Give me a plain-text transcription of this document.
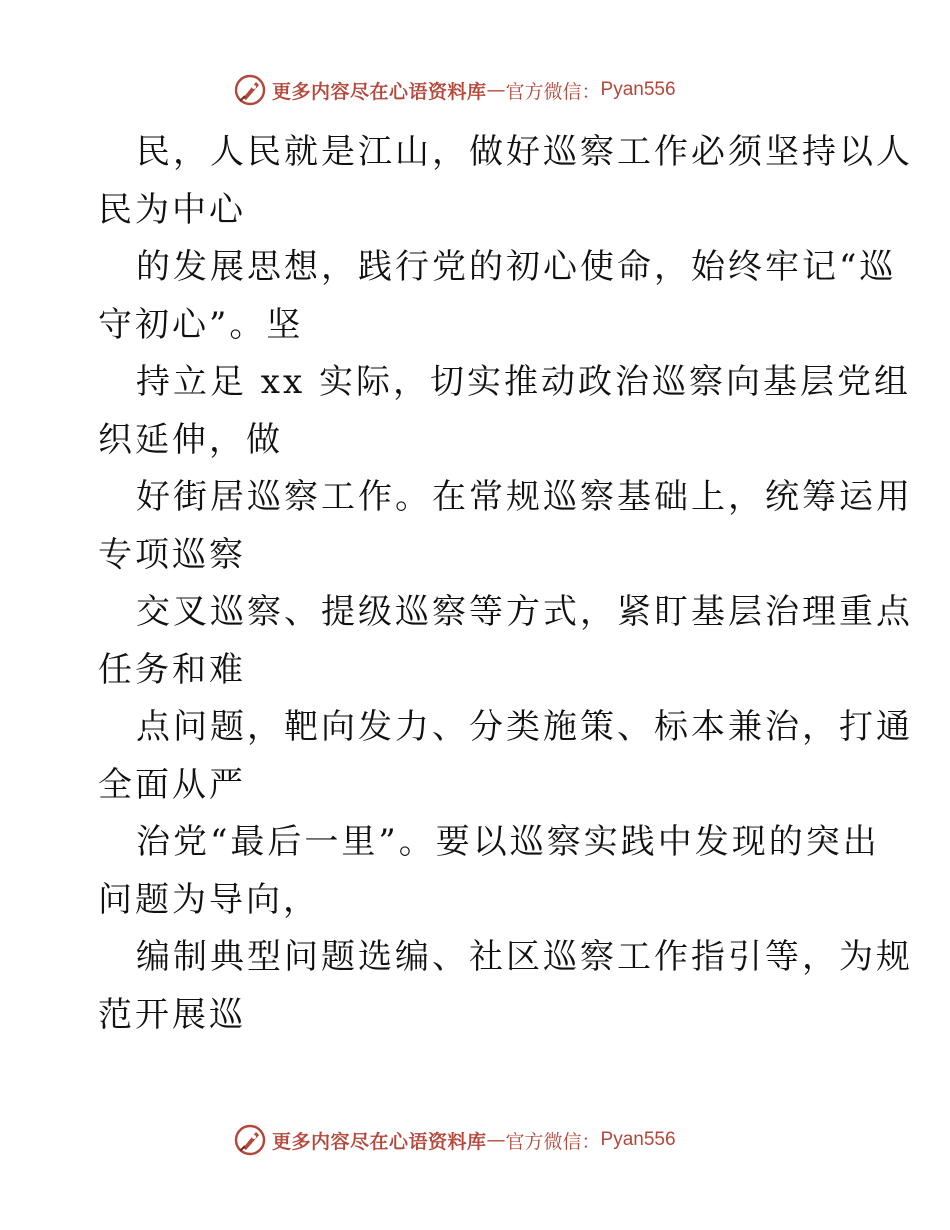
更多内容尽在心语资料库 — 官方微信： Pyan556
民，人民就是江山，做好巡察工作必须坚持以人
民为中心
的发展思想，践行党的初心使命，始终牢记“巡
守初心”。坚
持立足 xx 实际，切实推动政治巡察向基层党组
织延伸，做
好街居巡察工作。在常规巡察基础上，统筹运用
专项巡察
交叉巡察、提级巡察等方式，紧盯基层治理重点
任务和难
点问题，靶向发力、分类施策、标本兼治，打通
全面从严
治党“最后一里”。要以巡察实践中发现的突出
问题为导向，
编制典型问题选编、社区巡察工作指引等，为规
范开展巡
更多内容尽在心语资料库 — 官方微信： Pyan556
